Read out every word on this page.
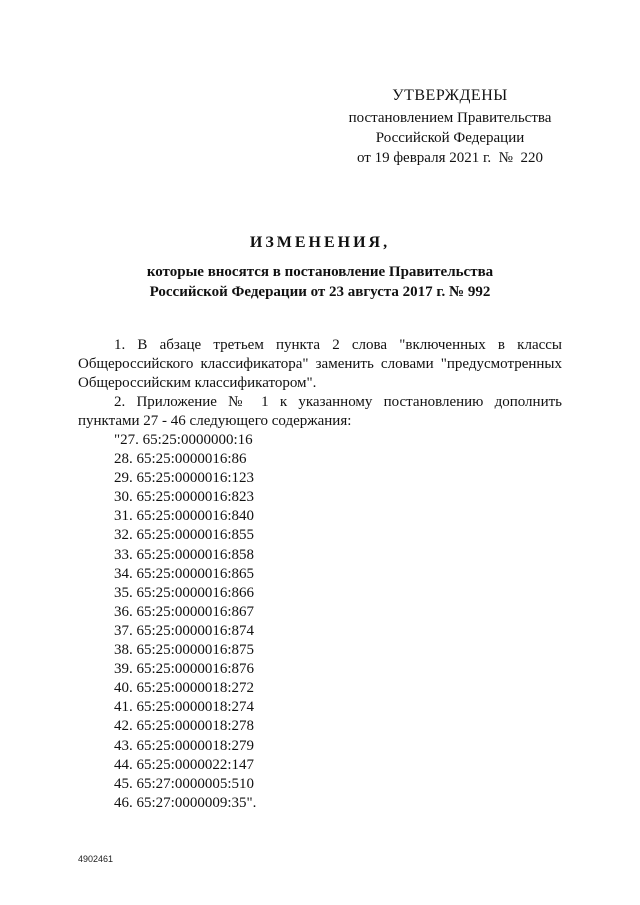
УТВЕРЖДЕНЫ
постановлением Правительства
Российской Федерации
от 19 февраля 2021 г.  №  220
ИЗМЕНЕНИЯ,
которые вносятся в постановление Правительства
Российской Федерации от 23 августа 2017 г. № 992
1. В абзаце третьем пункта 2 слова "включенных в классы
Общероссийского классификатора" заменить словами "предусмотренных
Общероссийским классификатором".
2. Приложение № 1 к указанному постановлению дополнить
пунктами 27 - 46 следующего содержания:
"27. 65:25:0000000:16
28. 65:25:0000016:86
29. 65:25:0000016:123
30. 65:25:0000016:823
31. 65:25:0000016:840
32. 65:25:0000016:855
33. 65:25:0000016:858
34. 65:25:0000016:865
35. 65:25:0000016:866
36. 65:25:0000016:867
37. 65:25:0000016:874
38. 65:25:0000016:875
39. 65:25:0000016:876
40. 65:25:0000018:272
41. 65:25:0000018:274
42. 65:25:0000018:278
43. 65:25:0000018:279
44. 65:25:0000022:147
45. 65:27:0000005:510
46. 65:27:0000009:35".
4902461
